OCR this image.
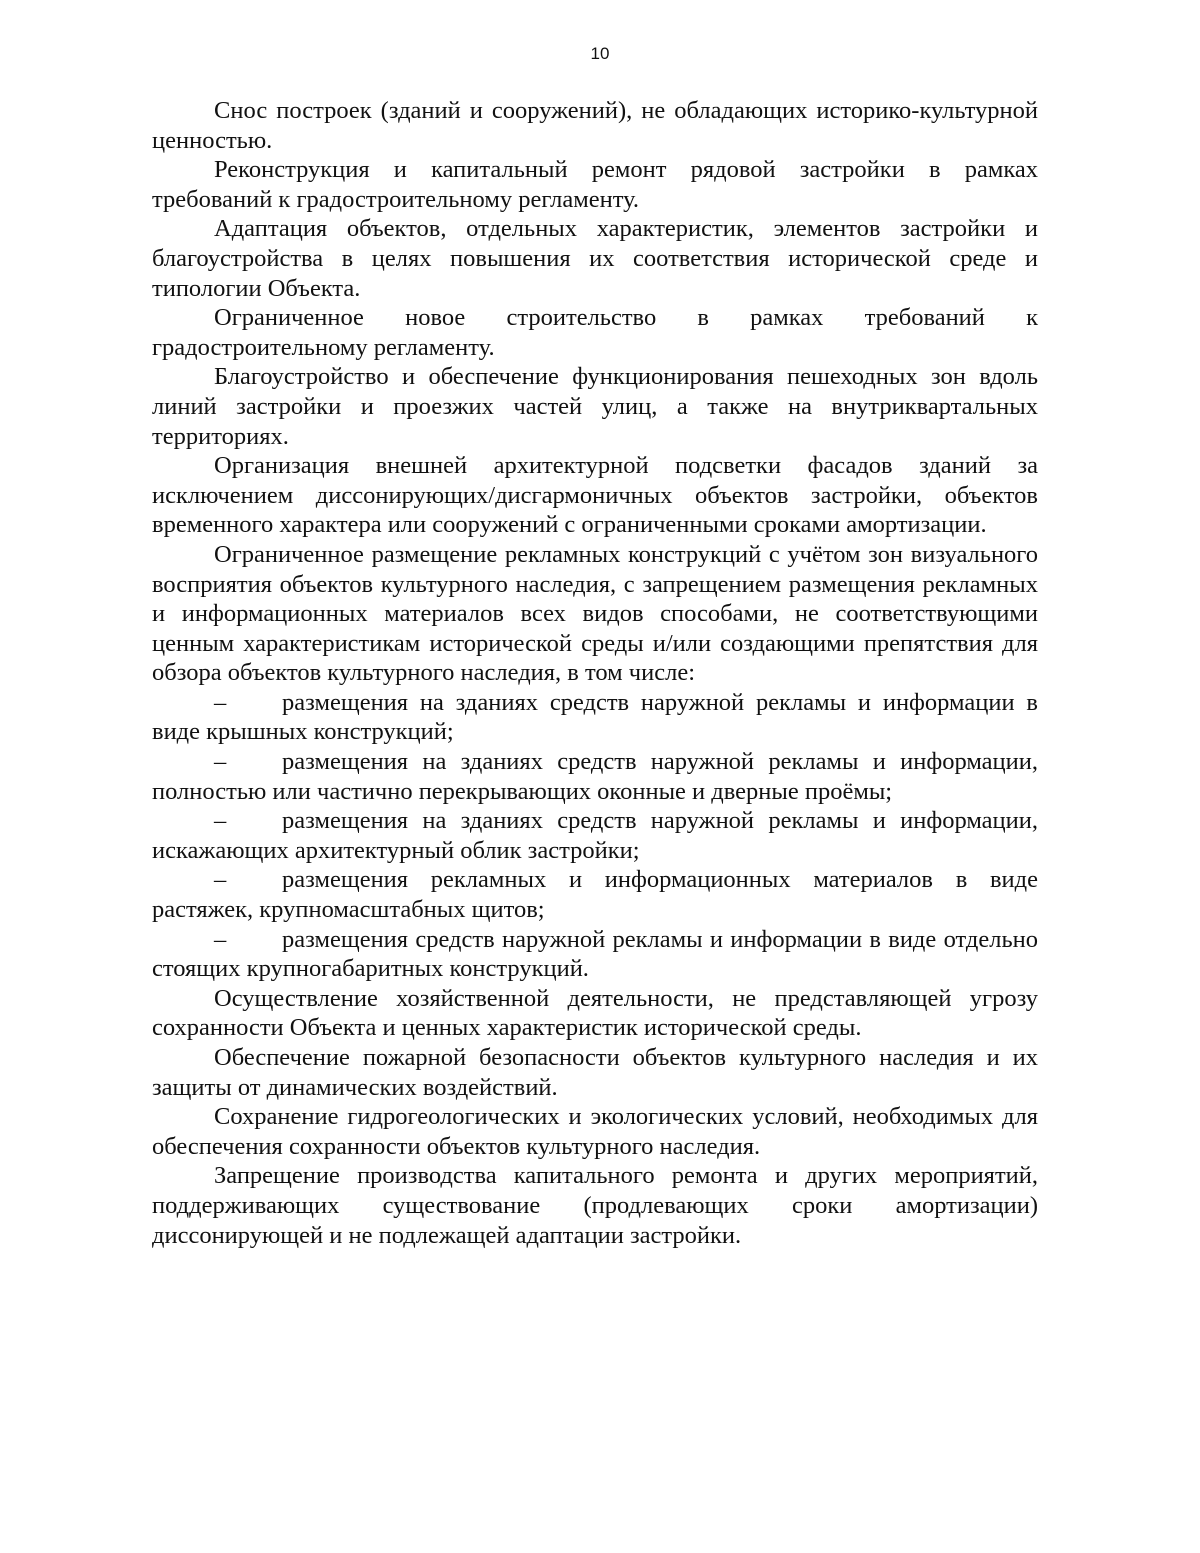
10

Снос построек (зданий и сооружений), не обладающих историко-культурной ценностью.

Реконструкция и капитальный ремонт рядовой застройки в рамках требований к градостроительному регламенту.

Адаптация объектов, отдельных характеристик, элементов застройки и благоустройства в целях повышения их соответствия исторической среде и типологии Объекта.

Ограниченное новое строительство в рамках требований к градостроительному регламенту.

Благоустройство и обеспечение функционирования пешеходных зон вдоль линий застройки и проезжих частей улиц, а также на внутриквартальных территориях.

Организация внешней архитектурной подсветки фасадов зданий за исключением диссонирующих/дисгармоничных объектов застройки, объектов временного характера или сооружений с ограниченными сроками амортизации.

Ограниченное размещение рекламных конструкций с учётом зон визуального восприятия объектов культурного наследия, с запрещением размещения рекламных и информационных материалов всех видов способами, не соответствующими ценным характеристикам исторической среды и/или создающими препятствия для обзора объектов культурного наследия, в том числе:

– размещения на зданиях средств наружной рекламы и информации в виде крышных конструкций;

– размещения на зданиях средств наружной рекламы и информации, полностью или частично перекрывающих оконные и дверные проёмы;

– размещения на зданиях средств наружной рекламы и информации, искажающих архитектурный облик застройки;

– размещения рекламных и информационных материалов в виде растяжек, крупномасштабных щитов;

– размещения средств наружной рекламы и информации в виде отдельно стоящих крупногабаритных конструкций.

Осуществление хозяйственной деятельности, не представляющей угрозу сохранности Объекта и ценных характеристик исторической среды.

Обеспечение пожарной безопасности объектов культурного наследия и их защиты от динамических воздействий.

Сохранение гидрогеологических и экологических условий, необходимых для обеспечения сохранности объектов культурного наследия.

Запрещение производства капитального ремонта и других мероприятий, поддерживающих существование (продлевающих сроки амортизации) диссонирующей и не подлежащей адаптации застройки.
